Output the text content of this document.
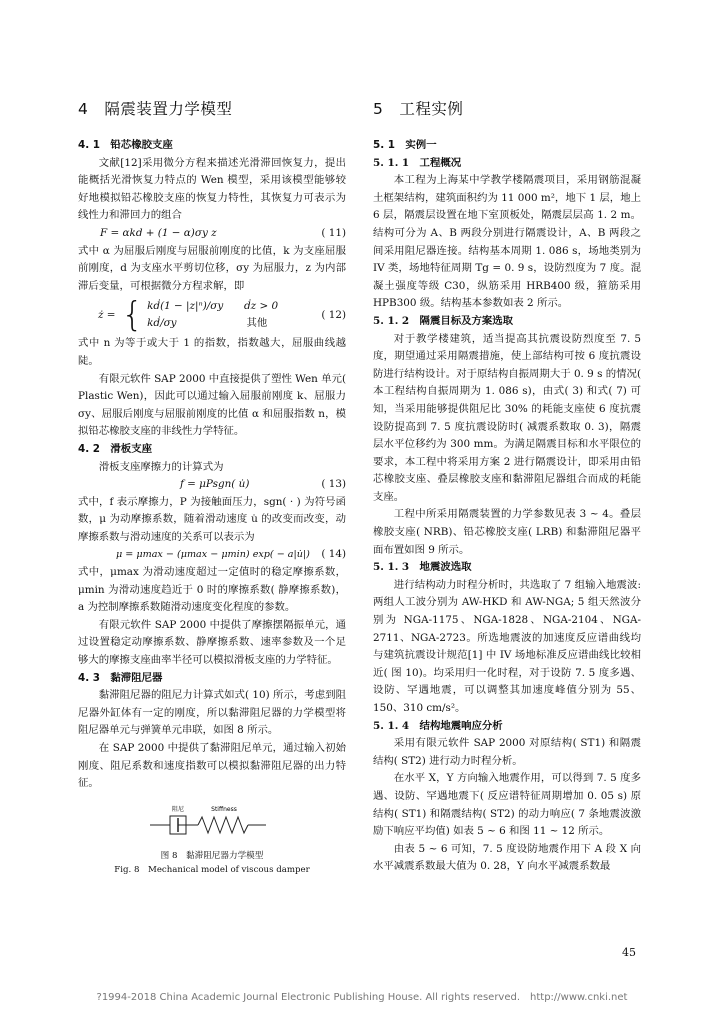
4　隔震装置力学模型
4. 1　铅芯橡胶支座

文献[12]采用微分方程来描述光滑滞回恢复力，提出能概括光滑恢复力特点的 Wen 模型，采用该模型能够较好地模拟铅芯橡胶支座的恢复力特性，其恢复力可表示为线性力和滞回力的组合

F = αkd + (1 − α)σy z	( 11)

式中 α 为屈服后刚度与屈服前刚度的比值，k 为支座屈服前刚度，d 为支座水平剪切位移，σy 为屈服力，z 为内部滞后变量，可根据微分方程求解，即

ż = { kḋ(1 − |z|ⁿ)/σy　　ḋz > 0
kḋ/σy	其他
( 12)

式中 n 为等于或大于 1 的指数，指数越大，屈服曲线越陡。

有限元软件 SAP 2000 中直接提供了塑性 Wen 单元( Plastic Wen)，因此可以通过输入屈服前刚度 k、屈服力 σy、屈服后刚度与屈服前刚度的比值 α 和屈服指数 n，模拟铅芯橡胶支座的非线性力学特征。

4. 2　滑板支座

滑板支座摩擦力的计算式为

f = μPsgn( u̇)	( 13)

式中，f 表示摩擦力，P 为接触面压力，sgn( · ) 为符号函数，μ 为动摩擦系数，随着滑动速度 u̇ 的改变而改变，动摩擦系数与滑动速度的关系可以表示为

μ = μmax − (μmax − μmin) exp( − a|u̇|) ( 14)

式中，μmax 为滑动速度超过一定值时的稳定摩擦系数，μmin 为滑动速度趋近于 0 时的摩擦系数( 静摩擦系数)，a 为控制摩擦系数随滑动速度变化程度的参数。

有限元软件 SAP 2000 中提供了摩擦摆隔振单元，通过设置稳定动摩擦系数、静摩擦系数、速率参数及一个足够大的摩擦支座曲率半径可以模拟滑板支座的力学特征。

4. 3　黏滞阻尼器

黏滞阻尼器的阻尼力计算式如式( 10) 所示，考虑到阻尼器外缸体有一定的刚度，所以黏滞阻尼器的力学模型将阻尼器单元与弹簧单元串联，如图 8 所示。

在 SAP 2000 中提供了黏滞阻尼单元，通过输入初始刚度、阻尼系数和速度指数可以模拟黏滞阻尼器的出力特征。

阻尼	Stiffness
图 8　黏滞阻尼器力学模型
Fig. 8　Mechanical model of viscous damper
5　工程实例
5. 1　实例一
5. 1. 1　工程概况

本工程为上海某中学教学楼隔震项目，采用钢筋混凝土框架结构，建筑面积约为 11 000 m²，地下 1 层，地上 6 层，隔震层设置在地下室顶板处，隔震层层高 1. 2 m。结构可分为 A、B 两段分别进行隔震设计，A、B 两段之间采用阻尼器连接。结构基本周期 1. 086 s，场地类别为 IV 类，场地特征周期 Tg = 0. 9 s，设防烈度为 7 度。混凝土强度等级 C30，纵筋采用 HRB400 级，箍筋采用 HPB300 级。结构基本参数如表 2 所示。

5. 1. 2　隔震目标及方案选取

对于教学楼建筑，适当提高其抗震设防烈度至 7. 5 度，期望通过采用隔震措施，使上部结构可按 6 度抗震设防进行结构设计。对于原结构自振周期大于 0. 9 s 的情况( 本工程结构自振周期为 1. 086 s)，由式( 3) 和式( 7) 可知，当采用能够提供阻尼比 30% 的耗能支座使 6 度抗震设防提高到 7. 5 度抗震设防时( 减震系数取 0. 3)，隔震层水平位移约为 300 mm。为满足隔震目标和水平限位的要求，本工程中将采用方案 2 进行隔震设计，即采用由铅芯橡胶支座、叠层橡胶支座和黏滞阻尼器组合而成的耗能支座。

工程中所采用隔震装置的力学参数见表 3 ~ 4。叠层橡胶支座( NRB)、铅芯橡胶支座( LRB) 和黏滞阻尼器平面布置如图 9 所示。

5. 1. 3　地震波选取

进行结构动力时程分析时，共选取了 7 组输入地震波: 两组人工波分别为 AW-HKD 和 AW-NGA; 5 组天然波分别为 NGA-1175、NGA-1828、NGA-2104、NGA-2711、NGA-2723。所选地震波的加速度反应谱曲线均与建筑抗震设计规范[1] 中 IV 场地标准反应谱曲线比较相近( 图 10)。均采用归一化时程，对于设防 7. 5 度多遇、设防、罕遇地震，可以调整其加速度峰值分别为 55、150、310 cm/s²。

5. 1. 4　结构地震响应分析

采用有限元软件 SAP 2000 对原结构( ST1) 和隔震结构( ST2) 进行动力时程分析。

在水平 X，Y 方向输入地震作用，可以得到 7. 5 度多遇、设防、罕遇地震下( 反应谱特征周期增加 0. 05 s) 原结构( ST1) 和隔震结构( ST2) 的动力响应( 7 条地震波激励下响应平均值) 如表 5 ~ 6 和图 11 ~ 12 所示。

由表 5 ~ 6 可知，7. 5 度设防地震作用下 A 段 X 向水平减震系数最大值为 0. 28，Y 向水平减震系数最

45
?1994-2018 China Academic Journal Electronic Publishing House. All rights reserved.　http://www.cnki.net
